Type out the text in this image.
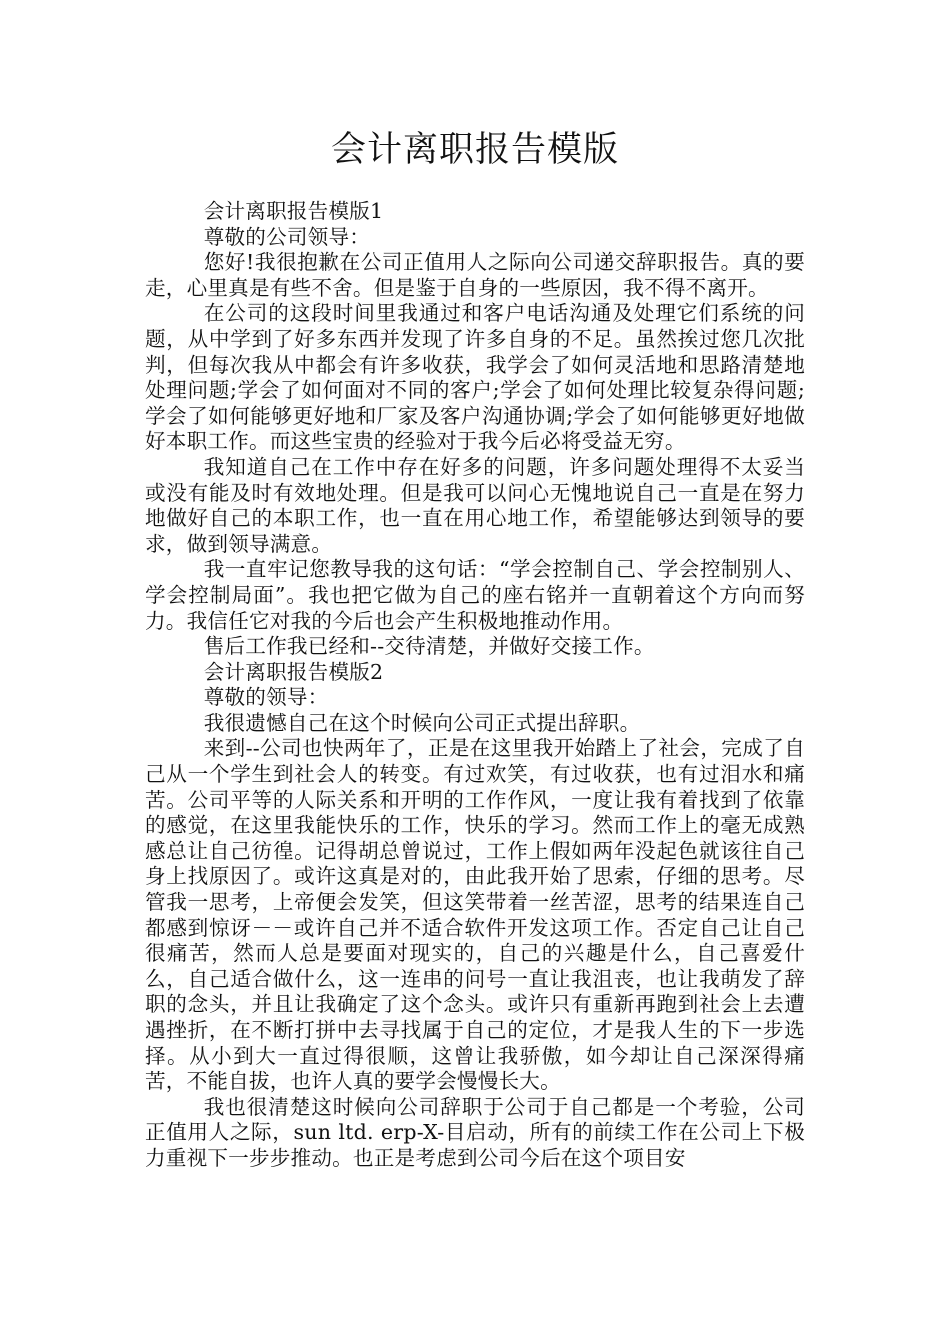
会计离职报告模版

会计离职报告模版1

尊敬的公司领导：

您好!我很抱歉在公司正值用人之际向公司递交辞职报告。真的要走，心里真是有些不舍。但是鉴于自身的一些原因，我不得不离开。

在公司的这段时间里我通过和客户电话沟通及处理它们系统的问题，从中学到了好多东西并发现了许多自身的不足。虽然挨过您几次批判，但每次我从中都会有许多收获，我学会了如何灵活地和思路清楚地处理问题;学会了如何面对不同的客户;学会了如何处理比较复杂得问题;学会了如何能够更好地和厂家及客户沟通协调;学会了如何能够更好地做好本职工作。而这些宝贵的经验对于我今后必将受益无穷。

我知道自己在工作中存在好多的问题，许多问题处理得不太妥当或没有能及时有效地处理。但是我可以问心无愧地说自己一直是在努力地做好自己的本职工作，也一直在用心地工作，希望能够达到领导的要求，做到领导满意。

我一直牢记您教导我的这句话：“学会控制自己、学会控制别人、学会控制局面”。我也把它做为自己的座右铭并一直朝着这个方向而努力。我信任它对我的今后也会产生积极地推动作用。

售后工作我已经和--交待清楚，并做好交接工作。

会计离职报告模版2

尊敬的领导：

我很遗憾自己在这个时候向公司正式提出辞职。

来到--公司也快两年了，正是在这里我开始踏上了社会，完成了自己从一个学生到社会人的转变。有过欢笑，有过收获，也有过泪水和痛苦。公司平等的人际关系和开明的工作作风，一度让我有着找到了依靠的感觉，在这里我能快乐的工作，快乐的学习。然而工作上的毫无成熟感总让自己彷徨。记得胡总曾说过，工作上假如两年没起色就该往自己身上找原因了。或许这真是对的，由此我开始了思索，仔细的思考。尽管我一思考，上帝便会发笑，但这笑带着一丝苦涩，思考的结果连自己都感到惊讶－－或许自己并不适合软件开发这项工作。否定自己让自己很痛苦，然而人总是要面对现实的，自己的兴趣是什么，自己喜爱什么，自己适合做什么，这一连串的问号一直让我沮丧，也让我萌发了辞职的念头，并且让我确定了这个念头。或许只有重新再跑到社会上去遭遇挫折，在不断打拼中去寻找属于自己的定位，才是我人生的下一步选择。从小到大一直过得很顺，这曾让我骄傲，如今却让自己深深得痛苦，不能自拔，也许人真的要学会慢慢长大。

我也很清楚这时候向公司辞职于公司于自己都是一个考验，公司正值用人之际，sun ltd. erp-X-目启动，所有的前续工作在公司上下极力重视下一步步推动。也正是考虑到公司今后在这个项目安
